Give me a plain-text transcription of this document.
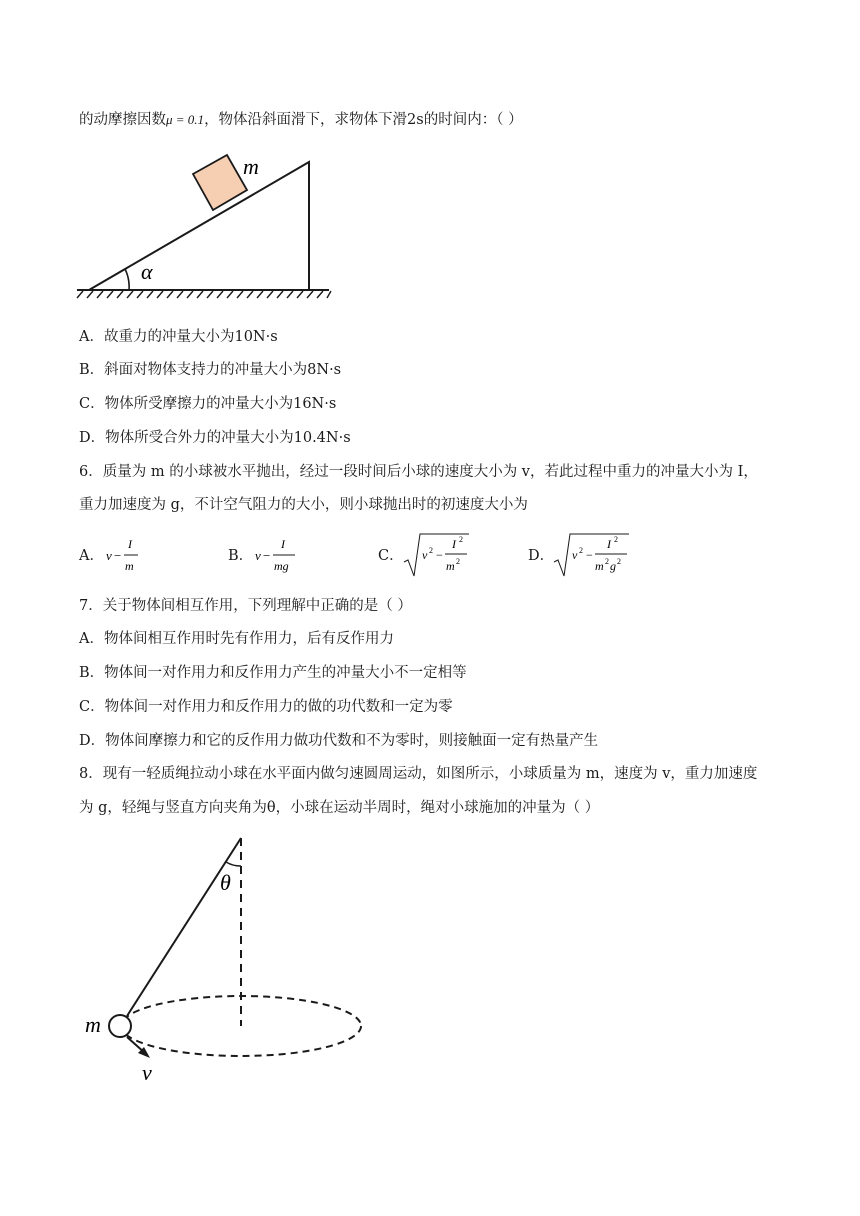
的动摩擦因数μ = 0.1，物体沿斜面滑下，求物体下滑2s的时间内：（ ）
α
m
A．故重力的冲量大小为10N·s
B．斜面对物体支持力的冲量大小为8N·s
C．物体所受摩擦力的冲量大小为16N·s
D．物体所受合外力的冲量大小为10.4N·s
6．质量为 m 的小球被水平抛出，经过一段时间后小球的速度大小为 v，若此过程中重力的冲量大小为 I，
重力加速度为 g，不计空气阻力的大小，则小球抛出时的初速度大小为
A． v −
I
m
B． v −
I
mg
C． v 2 −
I 2
m 2	D． v 2 −
I 2
m 2 g 2
7．关于物体间相互作用，下列理解中正确的是（ ）
A．物体间相互作用时先有作用力，后有反作用力
B．物体间一对作用力和反作用力产生的冲量大小不一定相等
C．物体间一对作用力和反作用力的做的功代数和一定为零
D．物体间摩擦力和它的反作用力做功代数和不为零时，则接触面一定有热量产生
8．现有一轻质绳拉动小球在水平面内做匀速圆周运动，如图所示，小球质量为 m，速度为 v，重力加速度
为 g，轻绳与竖直方向夹角为θ，小球在运动半周时，绳对小球施加的冲量为（ ）
θ
m
v
